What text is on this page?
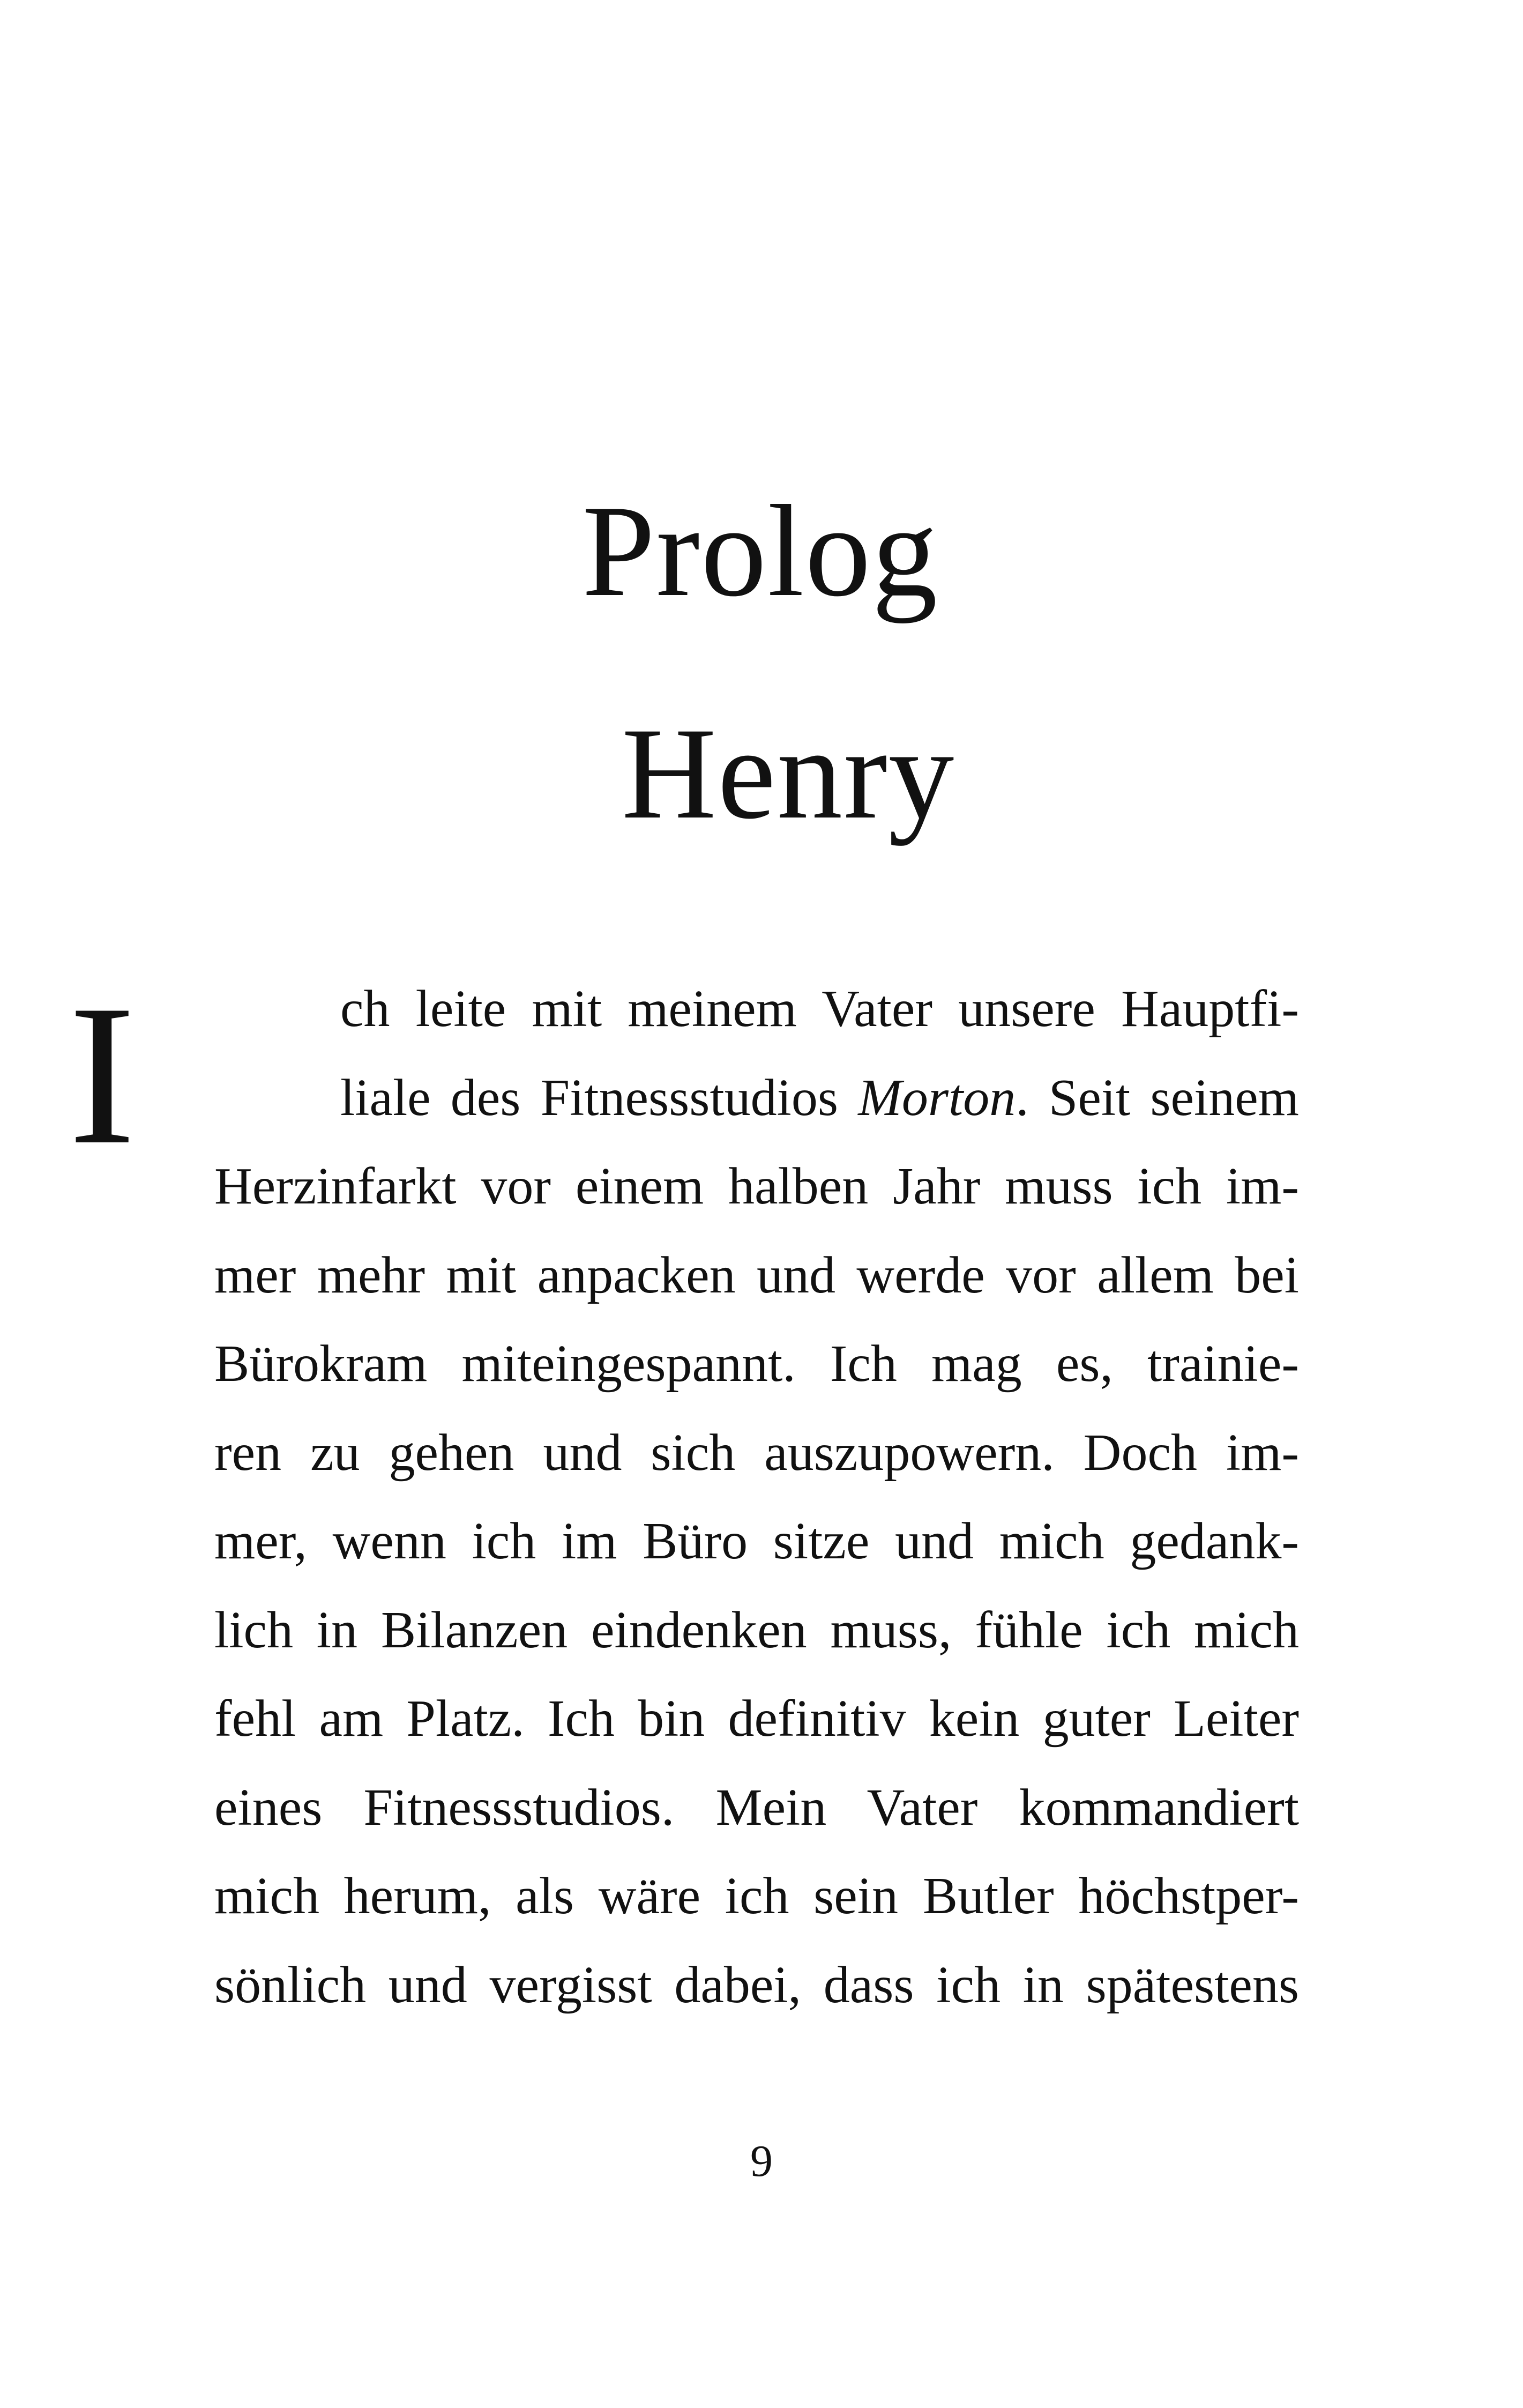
Prolog
Henry
I	ch leite mit meinem Vater unsere Hauptfi-
liale des Fitnessstudios Morton. Seit seinem
Herzinfarkt vor einem halben Jahr muss ich im-
mer mehr mit anpacken und werde vor allem bei
Bürokram miteingespannt. Ich mag es, trainie-
ren zu gehen und sich auszupowern. Doch im-
mer, wenn ich im Büro sitze und mich gedank-
lich in Bilanzen eindenken muss, fühle ich mich
fehl am Platz. Ich bin definitiv kein guter Leiter
eines Fitnessstudios. Mein Vater kommandiert
mich herum, als wäre ich sein Butler höchstper-
sönlich und vergisst dabei, dass ich in spätestens
9
